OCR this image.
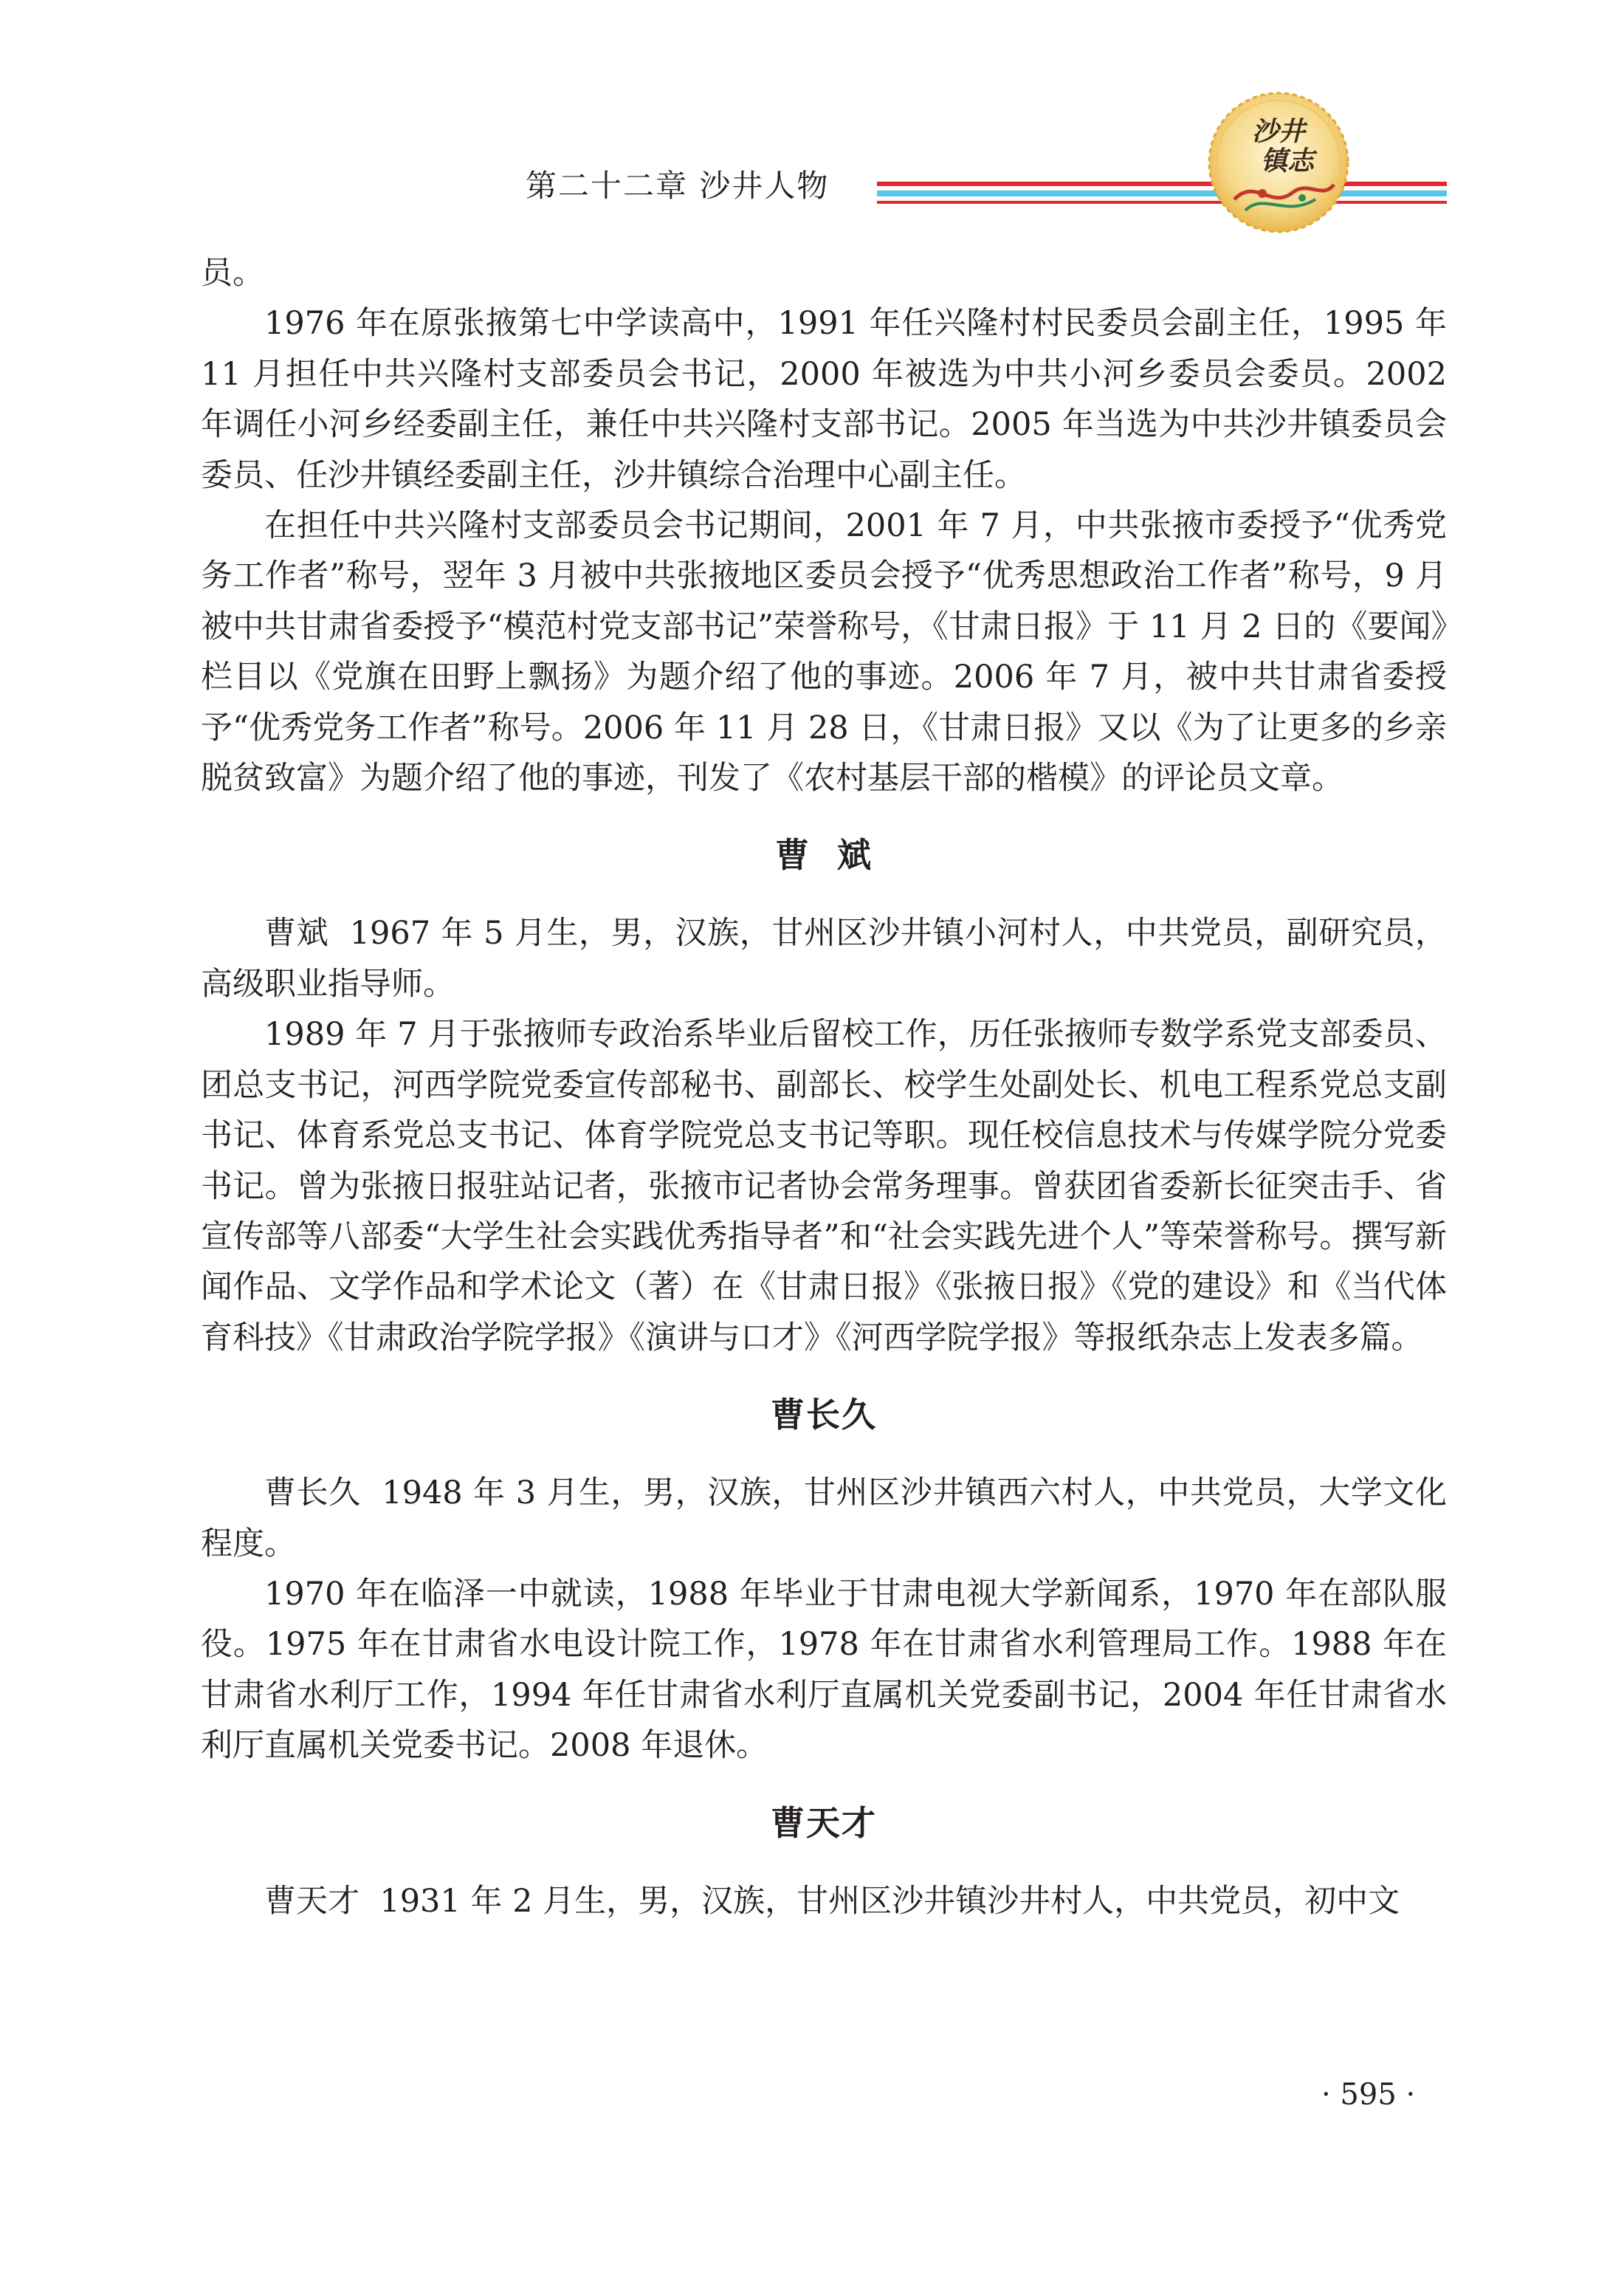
第二十二章 沙井人物
沙井
镇志

员。

1976 年在原张掖第七中学读高中，1991 年任兴隆村村民委员会副主任，1995 年 11 月担任中共兴隆村支部委员会书记，2000 年被选为中共小河乡委员会委员。2002 年调任小河乡经委副主任，兼任中共兴隆村支部书记。2005 年当选为中共沙井镇委员会委员、任沙井镇经委副主任，沙井镇综合治理中心副主任。

在担任中共兴隆村支部委员会书记期间，2001 年 7 月，中共张掖市委授予“优秀党务工作者”称号，翌年 3 月被中共张掖地区委员会授予“优秀思想政治工作者”称号，9 月被中共甘肃省委授予“模范村党支部书记”荣誉称号，《甘肃日报》于 11 月 2 日的《要闻》栏目以《党旗在田野上飘扬》为题介绍了他的事迹。2006 年 7 月，被中共甘肃省委授予“优秀党务工作者”称号。2006 年 11 月 28 日，《甘肃日报》又以《为了让更多的乡亲脱贫致富》为题介绍了他的事迹，刊发了《农村基层干部的楷模》的评论员文章。

曹  斌

曹斌  1967 年 5 月生，男，汉族，甘州区沙井镇小河村人，中共党员，副研究员，高级职业指导师。

1989 年 7 月于张掖师专政治系毕业后留校工作，历任张掖师专数学系党支部委员、团总支书记，河西学院党委宣传部秘书、副部长、校学生处副处长、机电工程系党总支副书记、体育系党总支书记、体育学院党总支书记等职。现任校信息技术与传媒学院分党委书记。曾为张掖日报驻站记者，张掖市记者协会常务理事。曾获团省委新长征突击手、省宣传部等八部委“大学生社会实践优秀指导者”和“社会实践先进个人”等荣誉称号。撰写新闻作品、文学作品和学术论文（著）在《甘肃日报》《张掖日报》《党的建设》和《当代体育科技》《甘肃政治学院学报》《演讲与口才》《河西学院学报》等报纸杂志上发表多篇。

曹长久

曹长久  1948 年 3 月生，男，汉族，甘州区沙井镇西六村人，中共党员，大学文化程度。

1970 年在临泽一中就读，1988 年毕业于甘肃电视大学新闻系，1970 年在部队服役。1975 年在甘肃省水电设计院工作，1978 年在甘肃省水利管理局工作。1988 年在甘肃省水利厅工作，1994 年任甘肃省水利厅直属机关党委副书记，2004 年任甘肃省水利厅直属机关党委书记。2008 年退休。

曹天才

曹天才  1931 年 2 月生，男，汉族，甘州区沙井镇沙井村人，中共党员，初中文

· 595 ·
